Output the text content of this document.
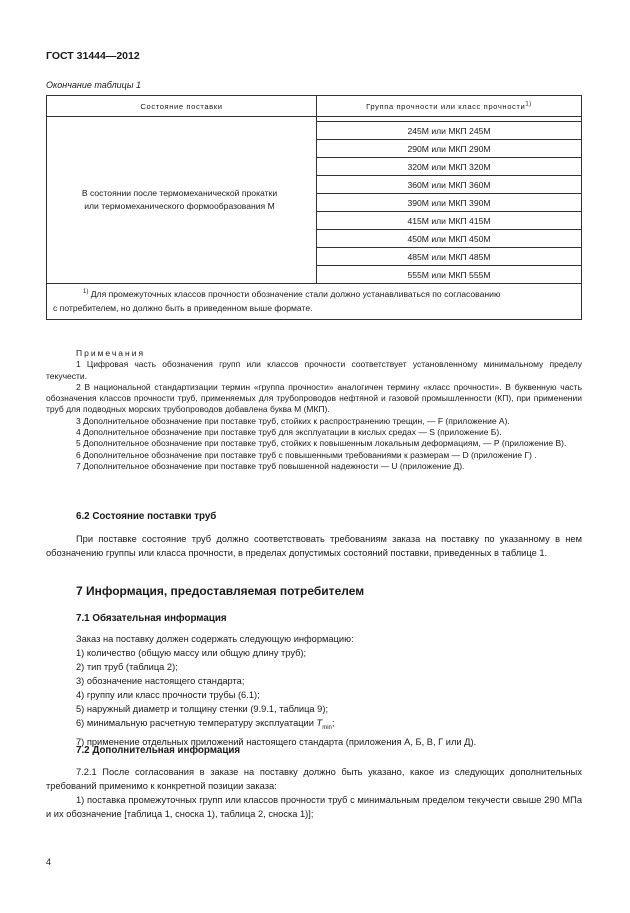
ГОСТ 31444—2012
Окончание таблицы 1
Состояние поставки	Группа прочности или класс прочности$^{1)}$

В состоянии после термомеханической прокатки
или термомеханического формообразования М	

	245М или МКП 245М
	290М или МКП 290М
	320М или МКП 320М
	360М или МКП 360М
	390М или МКП 390М
	415М или МКП 415М
	450М или МКП 450М
	485М или МКП 485М
	555М или МКП 555М

$^{1)}$ Для промежуточных классов прочности обозначение стали должно устанавливаться по согласованию
с потребителем, но должно быть в приведенном выше формате.	

Примечания

1 Цифровая часть обозначения групп или классов прочности соответствует установленному минимальному пределу текучести.

2 В национальной стандартизации термин «группа прочности» аналогичен термину «класс прочности». В буквенную часть обозначения классов прочности труб, применяемых для трубопроводов нефтяной и газовой промышленности (КП), при применении труб для подводных морских трубопроводов добавлена буква М (МКП).

3 Дополнительное обозначение при поставке труб, стойких к распространению трещин, — F (приложение А).

4 Дополнительное обозначение при поставке труб для эксплуатации в кислых средах — S (приложение Б).

5 Дополнительное обозначение при поставке труб, стойких к повышенным локальным деформациям, — Р (приложение В).

6 Дополнительное обозначение при поставке труб с повышенными требованиями к размерам — D (приложение Г) .

7 Дополнительное обозначение при поставке труб повышенной надежности — U (приложение Д).

6.2 Состояние поставки труб

При поставке состояние труб должно соответствовать требованиям заказа на поставку по указанному в нем обозначению группы или класса прочности, в пределах допустимых состояний поставки, приведенных в таблице 1.

7 Информация, предоставляемая потребителем
7.1 Обязательная информация

Заказ на поставку должен содержать следующую информацию:

1) количество (общую массу или общую длину труб);

2) тип труб (таблица 2);

3) обозначение настоящего стандарта;

4) группу или класс прочности трубы (6.1);

5) наружный диаметр и толщину стенки (9.9.1, таблица 9);

6) минимальную расчетную температуру эксплуатации $T_{min}$;

7) применение отдельных приложений настоящего стандарта (приложения А, Б, В, Г или Д).

7.2 Дополнительная информация

7.2.1 После согласования в заказе на поставку должно быть указано, какое из следующих дополнительных требований применимо к конкретной позиции заказа:

1) поставка промежуточных групп или классов прочности труб с минимальным пределом текучести свыше 290 МПа и их обозначение [таблица 1, сноска 1), таблица 2, сноска 1)];

4
